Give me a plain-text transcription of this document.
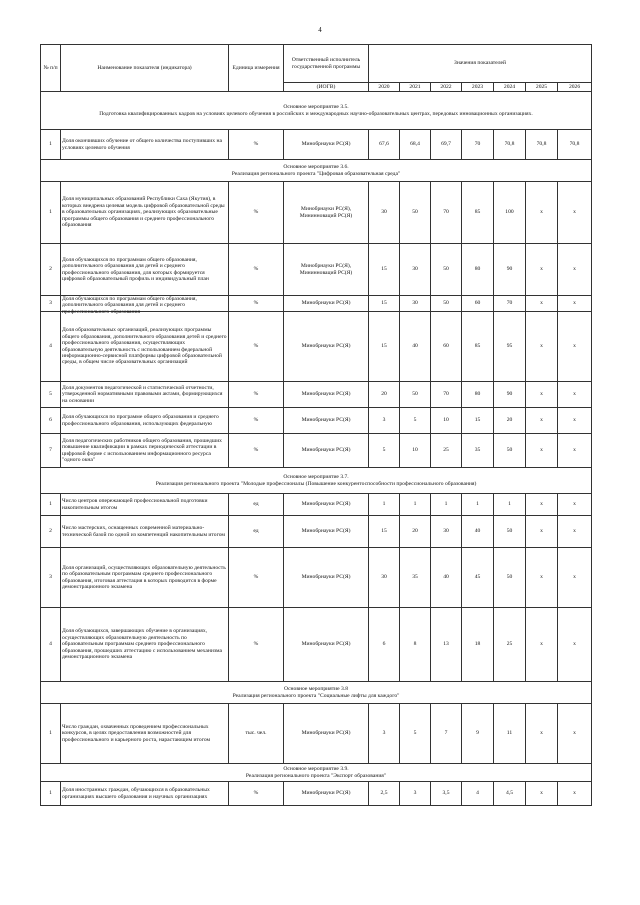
4
№ п/п	Наименование показателя (индикатора)	Единица измерения	Ответственный исполнитель государственной программы	Значения показателей						
			(ИОГВ)	2020	2021	2022	2023	2024	2025	2026

Основное мероприятие 3.5.
Подготовка квалифицированных кадров на условиях целевого обучения в российских и международных научно-образовательных центрах, передовых инновационных организациях.										

1	Доля окончивших обучение от общего количества поступивших на условиях целевого обучения	%	Минобрнауки РС(Я)	67,6	68,4	69,7	70	70,8	70,8	70,8

Основное мероприятие 3.6.
Реализация регионального проекта "Цифровая образовательная среда"										

1	Доля муниципальных образований Республики Саха (Якутия), в которых внедрена целевая модель цифровой образовательной среды в образовательных организациях, реализующих образовательные программы общего образования и среднего профессионального образования	%	Минобрнауки РС(Я), Мининноваций РС(Я)	30	50	70	85	100	x	x
2	Доля обучающихся по программам общего образования, дополнительного образования для детей и среднего профессионального образования, для которых формируется цифровой образовательный профиль и индивидуальный план	%	Минобрнауки РС(Я), Мининноваций РС(Я)	15	30	50	80	90	x	x
3	Доля обучающихся по программам общего образования, дополнительного образования для детей и среднего профессионального образования	%	Минобрнауки РС(Я)	15	30	50	60	70	x	x
4	Доля образовательных организаций, реализующих программы общего образования, дополнительного образования детей и среднего профессионального образования, осуществляющих образовательную деятельность с использованием федеральной информационно-сервисной платформы цифровой образовательной среды, в общем числе образовательных организаций	%	Минобрнауки РС(Я)	15	40	60	85	95	x	x
5	Доля документов педагогической и статистической отчетности, утвержденной нормативными правовыми актами, формирующихся на основании	%	Минобрнауки РС(Я)	20	50	70	80	90	x	x
6	Доля обучающихся по программе общего образования и среднего профессионального образования, использующих федеральную	%	Минобрнауки РС(Я)	3	5	10	15	20	x	x
7	Доля педагогических работников общего образования, прошедших повышение квалификации в рамках периодической аттестации в цифровой форме с использованием информационного ресурса "одного окна"	%	Минобрнауки РС(Я)	5	10	25	35	50	x	x

Основное мероприятие 3.7.
Реализация регионального проекта "Молодые профессионалы (Повышение конкурентоспособности профессионального образования)										

1	Число центров опережающей профессиональной подготовки накопительным итогом	ед	Минобрнауки РС(Я)	1	1	1	1	1	x	x
2	Число мастерских, оснащенных современной материально-технической базой по одной из компетенций накопительным итогом	ед	Минобрнауки РС(Я)	15	20	30	40	50	x	x
3	Доля организаций, осуществляющих образовательную деятельность по образовательным программам среднего профессионального образования, итоговая аттестация в которых проводится в форме демонстрационного экзамена	%	Минобрнауки РС(Я)	30	35	40	45	50	x	x
4	Доля обучающихся, завершающих обучение в организациях, осуществляющих образовательную деятельность по образовательным программам среднего профессионального образования, прошедших аттестацию с использованием механизма демонстрационного экзамена	%	Минобрнауки РС(Я)	6	8	13	18	25	x	x

Основное мероприятие 3.8
Реализация регионального проекта "Социальные лифты для каждого"										

1	Число граждан, охваченных проведением профессиональных конкурсов, в целях предоставления возможностей для профессионального и карьерного роста, нарастающим итогом	тыс. чел.	Минобрнауки РС(Я)	3	5	7	9	11	x	x

Основное мероприятие 3.9.
Реализация регионального проекта "Экспорт образования"										

1	Доля иностранных граждан, обучающихся в образовательных организациях высшего образования и научных организациях	%	Минобрнауки РС(Я)	2,5	3	3,5	4	4,5	x	x
